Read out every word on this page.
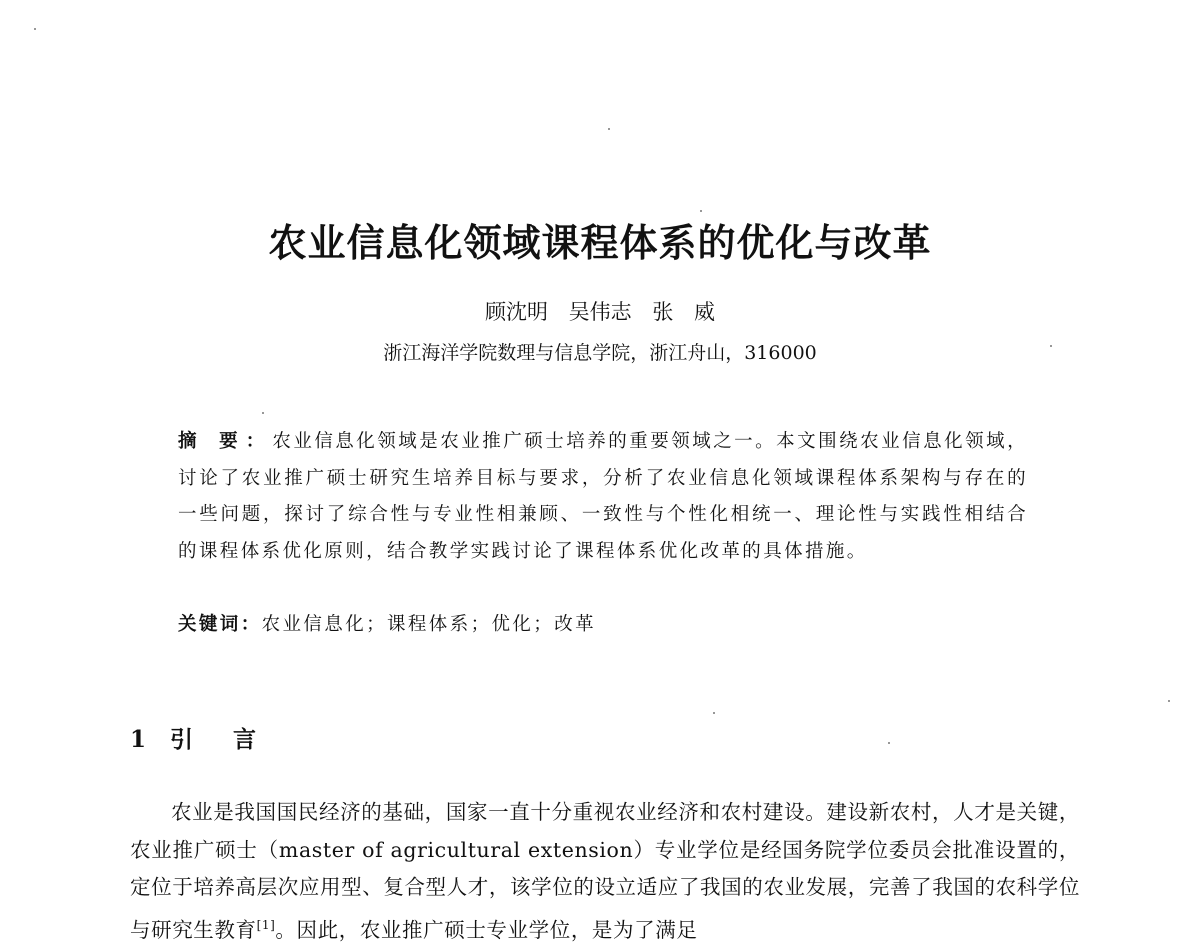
农业信息化领域课程体系的优化与改革
顾沈明 吴伟志 张 威
浙江海洋学院数理与信息学院，浙江舟山，316000
摘 要：农业信息化领域是农业推广硕士培养的重要领域之一。本文围绕农业信息化领域，讨论了农业推广硕士研究生培养目标与要求，分析了农业信息化领域课程体系架构与存在的一些问题，探讨了综合性与专业性相兼顾、一致性与个性化相统一、理论性与实践性相结合的课程体系优化原则，结合教学实践讨论了课程体系优化改革的具体措施。
关键词：农业信息化；课程体系；优化；改革
1 引 言
农业是我国国民经济的基础，国家一直十分重视农业经济和农村建设。建设新农村，人才是关键，农业推广硕士（master of agricultural extension）专业学位是经国务院学位委员会批准设置的，定位于培养高层次应用型、复合型人才，该学位的设立适应了我国的农业发展，完善了我国的农科学位与研究生教育[1]。因此，农业推广硕士专业学位，是为了满足
